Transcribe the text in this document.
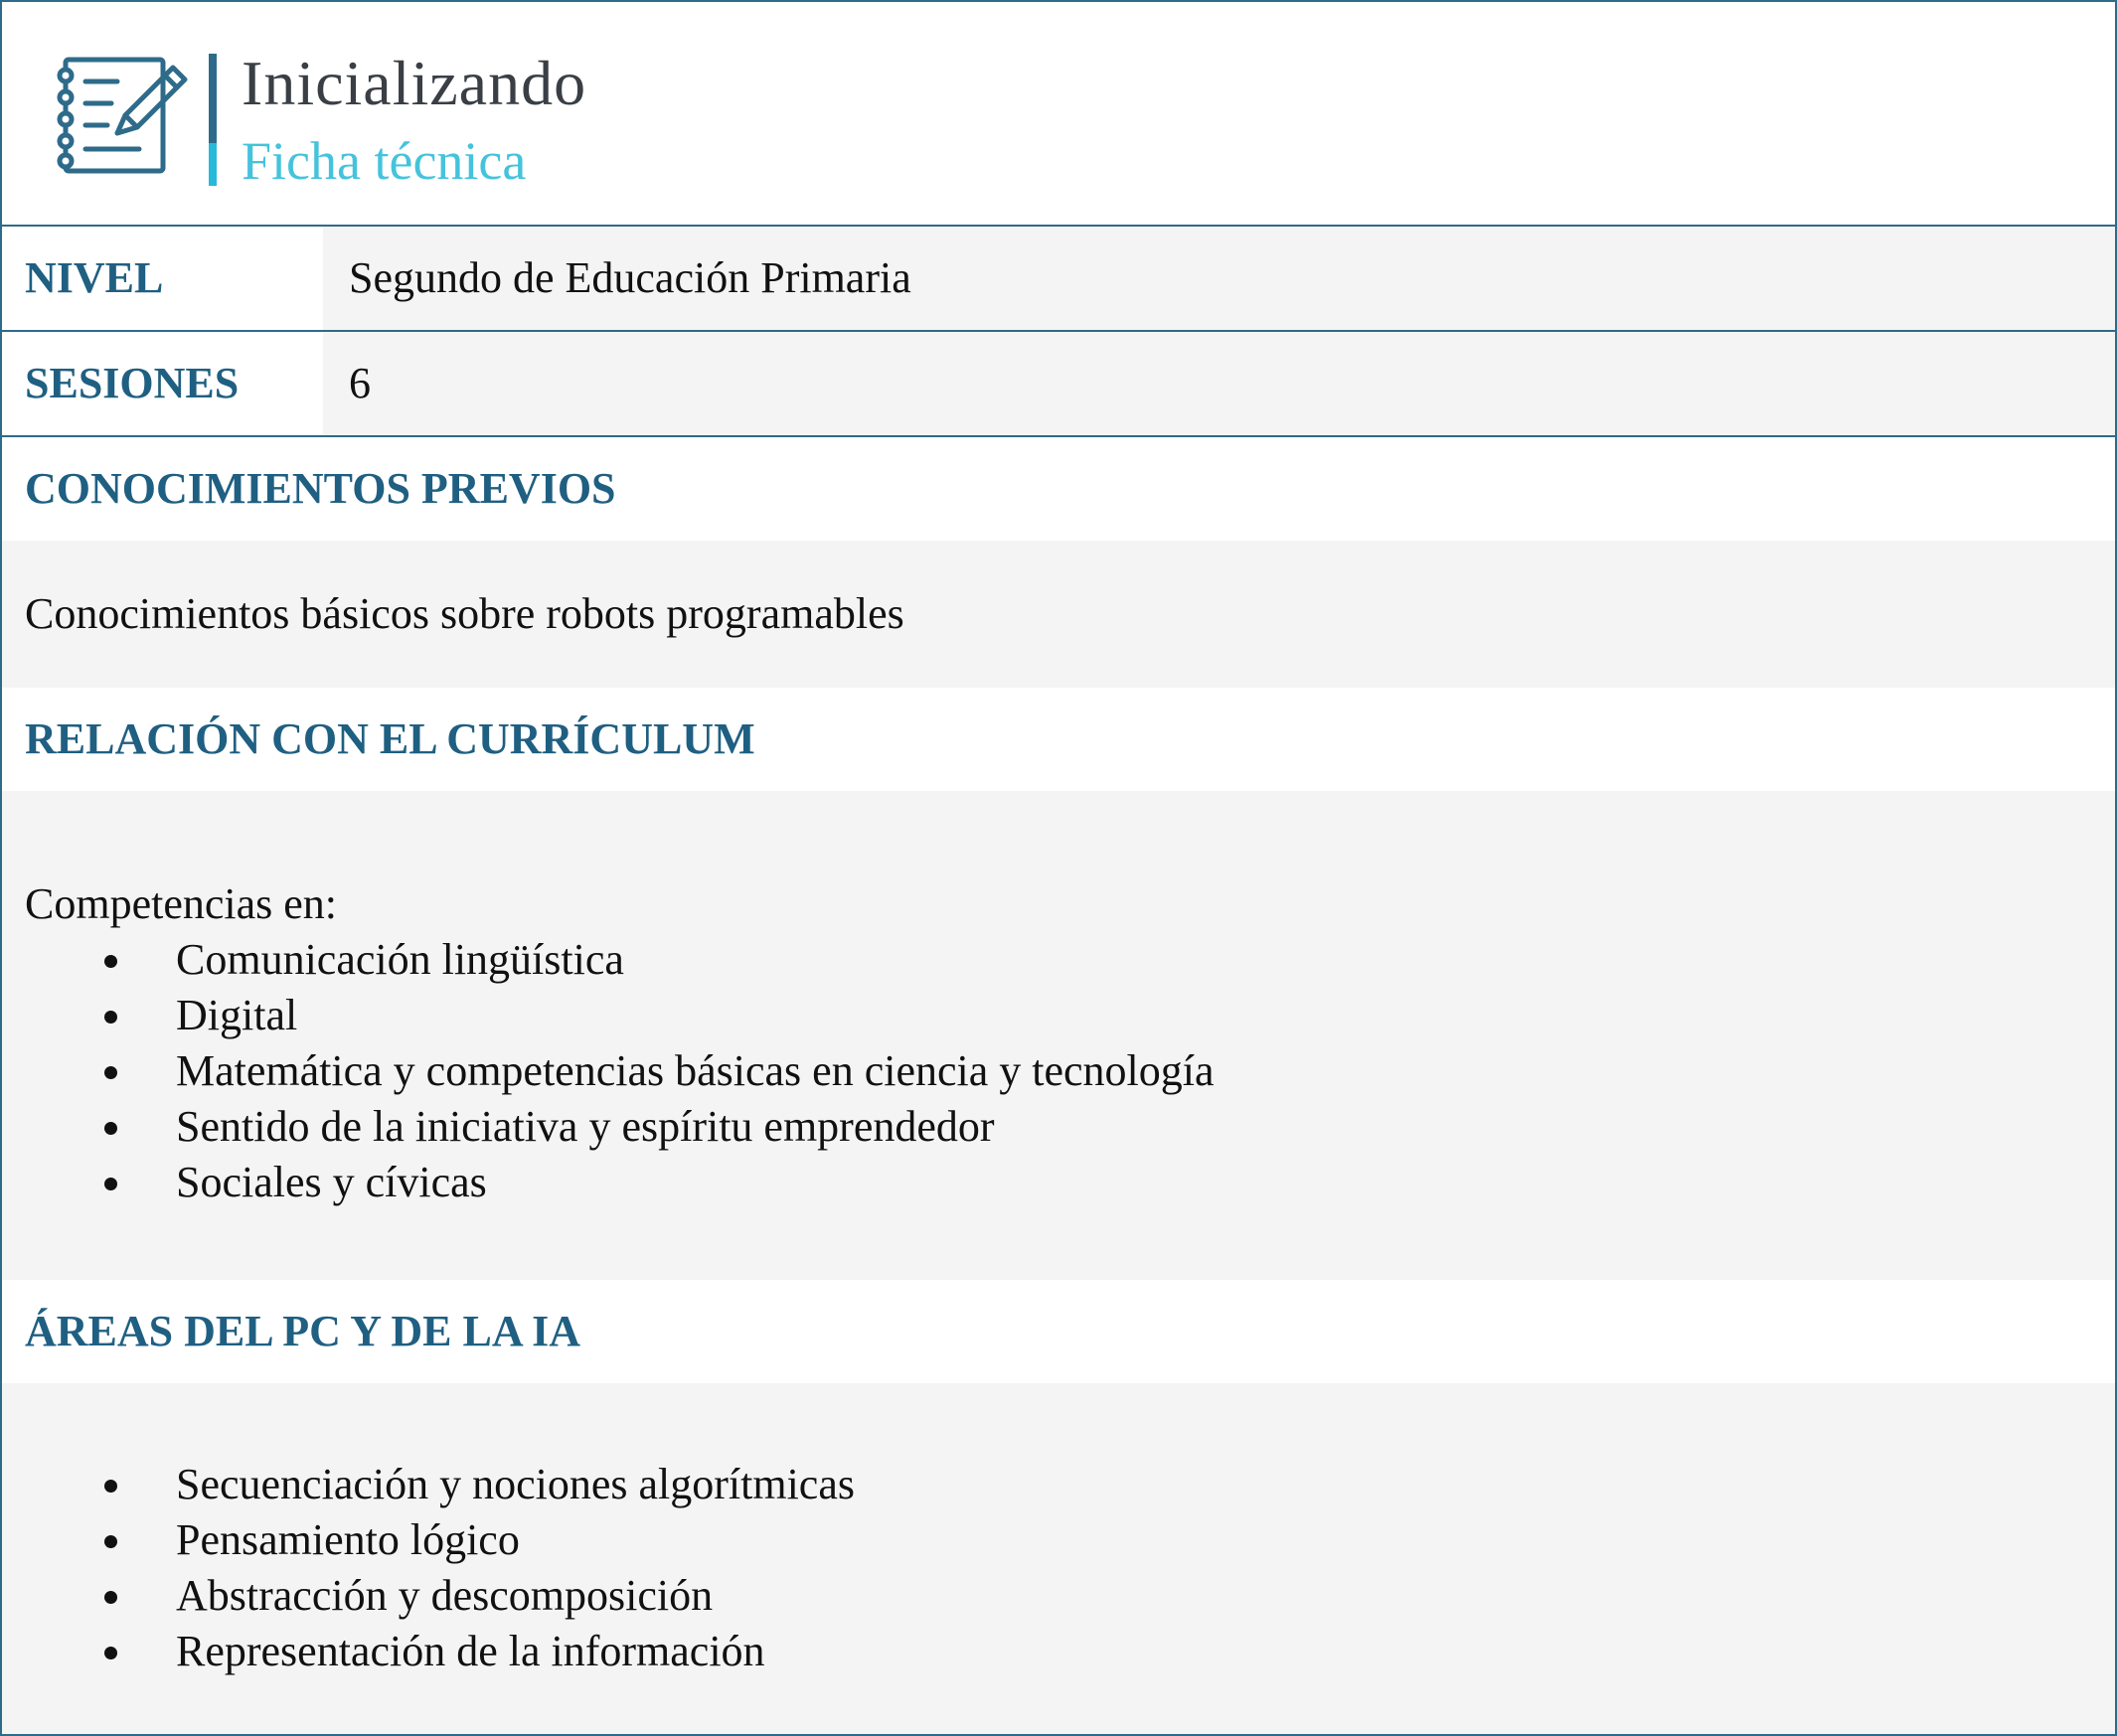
Inicializando
Ficha técnica
NIVEL	Segundo de Educación Primaria
SESIONES	6
CONOCIMIENTOS PREVIOS
Conocimientos básicos sobre robots programables
RELACIÓN CON EL CURRÍCULUM
Competencias en:
Comunicación lingüística
Digital
Matemática y competencias básicas en ciencia y tecnología
Sentido de la iniciativa y espíritu emprendedor
Sociales y cívicas
ÁREAS DEL PC Y DE LA IA
Secuenciación y nociones algorítmicas
Pensamiento lógico
Abstracción y descomposición
Representación de la información
